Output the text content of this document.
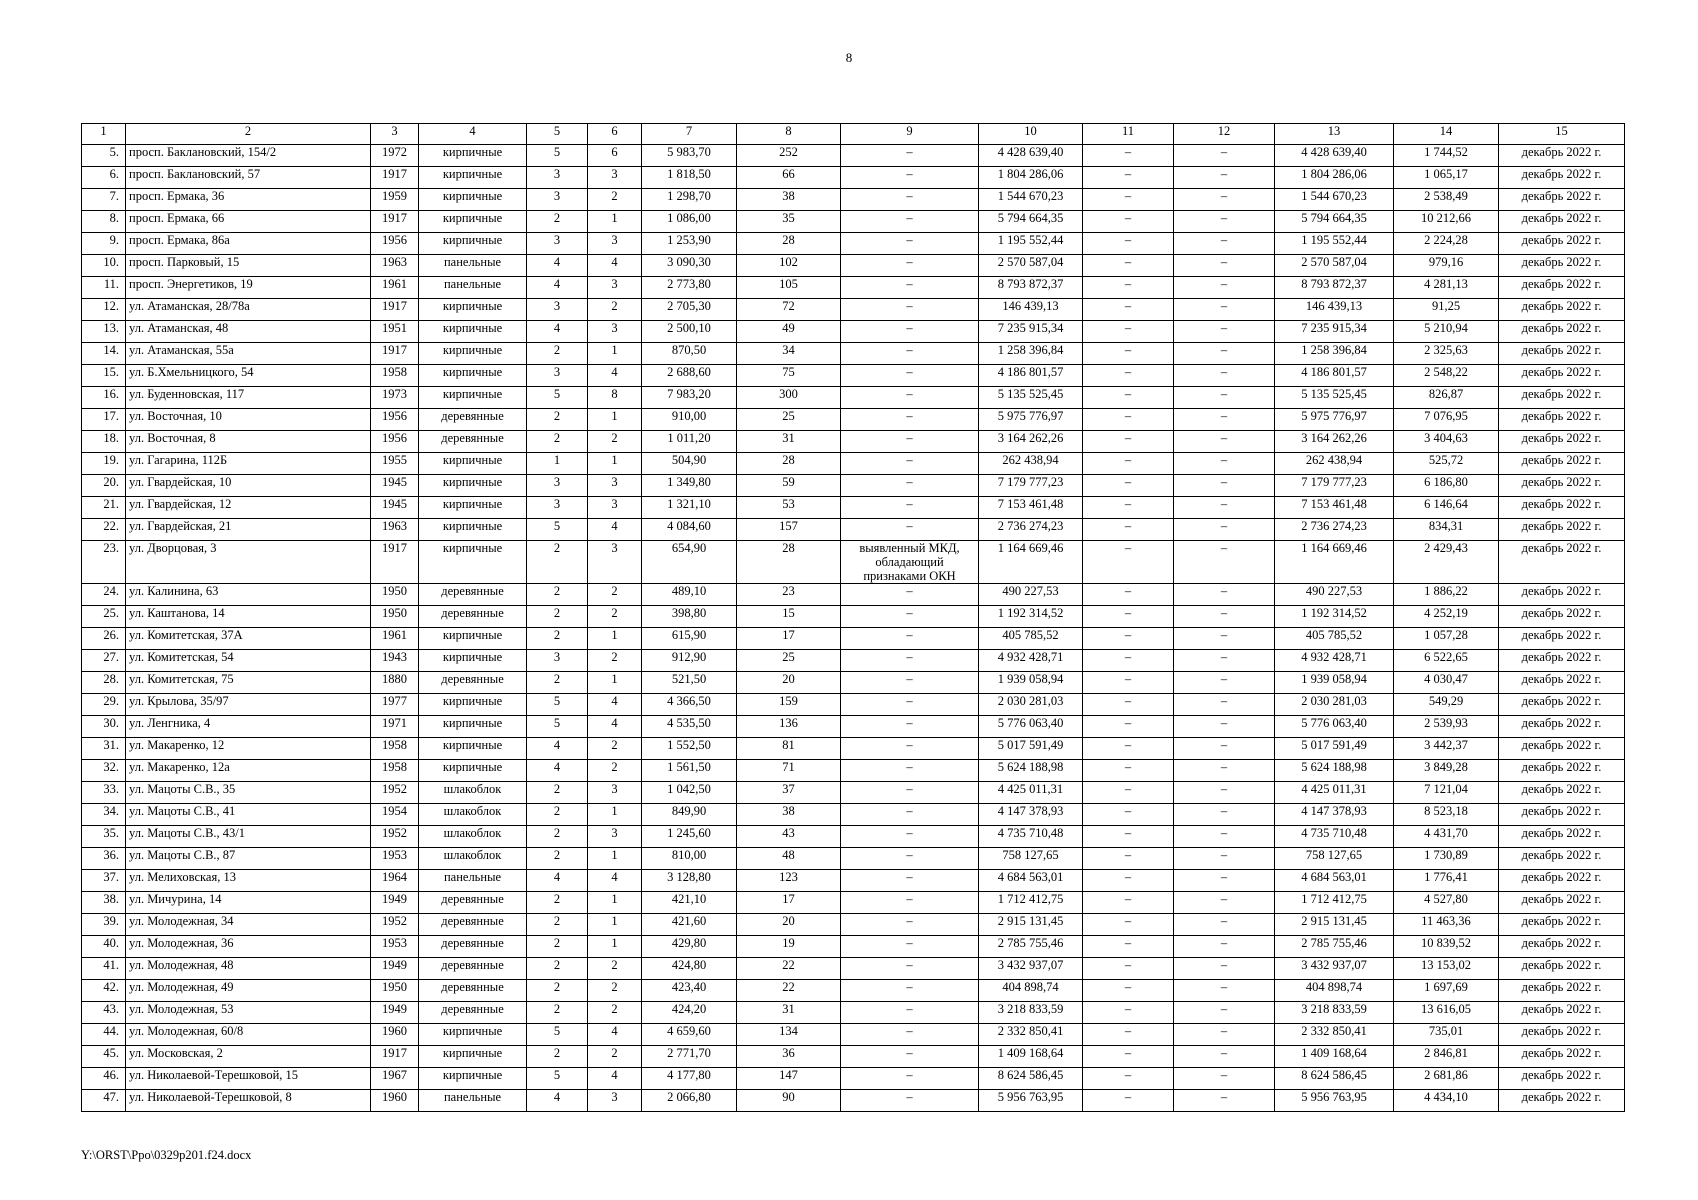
8
1	2	3	4	5	6	7	8	9	10	11	12	13	14	15
5.	просп. Баклановский, 154/2	1972	кирпичные	5	6	5 983,70	252	–	4 428 639,40	–	–	4 428 639,40	1 744,52	декабрь 2022 г.
6.	просп. Баклановский, 57	1917	кирпичные	3	3	1 818,50	66	–	1 804 286,06	–	–	1 804 286,06	1 065,17	декабрь 2022 г.
7.	просп. Ермака, 36	1959	кирпичные	3	2	1 298,70	38	–	1 544 670,23	–	–	1 544 670,23	2 538,49	декабрь 2022 г.
8.	просп. Ермака, 66	1917	кирпичные	2	1	1 086,00	35	–	5 794 664,35	–	–	5 794 664,35	10 212,66	декабрь 2022 г.
9.	просп. Ермака, 86а	1956	кирпичные	3	3	1 253,90	28	–	1 195 552,44	–	–	1 195 552,44	2 224,28	декабрь 2022 г.
10.	просп. Парковый, 15	1963	панельные	4	4	3 090,30	102	–	2 570 587,04	–	–	2 570 587,04	979,16	декабрь 2022 г.
11.	просп. Энергетиков, 19	1961	панельные	4	3	2 773,80	105	–	8 793 872,37	–	–	8 793 872,37	4 281,13	декабрь 2022 г.
12.	ул. Атаманская, 28/78а	1917	кирпичные	3	2	2 705,30	72	–	146 439,13	–	–	146 439,13	91,25	декабрь 2022 г.
13.	ул. Атаманская, 48	1951	кирпичные	4	3	2 500,10	49	–	7 235 915,34	–	–	7 235 915,34	5 210,94	декабрь 2022 г.
14.	ул. Атаманская, 55а	1917	кирпичные	2	1	870,50	34	–	1 258 396,84	–	–	1 258 396,84	2 325,63	декабрь 2022 г.
15.	ул. Б.Хмельницкого, 54	1958	кирпичные	3	4	2 688,60	75	–	4 186 801,57	–	–	4 186 801,57	2 548,22	декабрь 2022 г.
16.	ул. Буденновская, 117	1973	кирпичные	5	8	7 983,20	300	–	5 135 525,45	–	–	5 135 525,45	826,87	декабрь 2022 г.
17.	ул. Восточная, 10	1956	деревянные	2	1	910,00	25	–	5 975 776,97	–	–	5 975 776,97	7 076,95	декабрь 2022 г.
18.	ул. Восточная, 8	1956	деревянные	2	2	1 011,20	31	–	3 164 262,26	–	–	3 164 262,26	3 404,63	декабрь 2022 г.
19.	ул. Гагарина, 112Б	1955	кирпичные	1	1	504,90	28	–	262 438,94	–	–	262 438,94	525,72	декабрь 2022 г.
20.	ул. Гвардейская, 10	1945	кирпичные	3	3	1 349,80	59	–	7 179 777,23	–	–	7 179 777,23	6 186,80	декабрь 2022 г.
21.	ул. Гвардейская, 12	1945	кирпичные	3	3	1 321,10	53	–	7 153 461,48	–	–	7 153 461,48	6 146,64	декабрь 2022 г.
22.	ул. Гвардейская, 21	1963	кирпичные	5	4	4 084,60	157	–	2 736 274,23	–	–	2 736 274,23	834,31	декабрь 2022 г.
23.	ул. Дворцовая, 3	1917	кирпичные	2	3	654,90	28	выявленный МКД, обладающий признаками ОКН	1 164 669,46	–	–	1 164 669,46	2 429,43	декабрь 2022 г.
24.	ул. Калинина, 63	1950	деревянные	2	2	489,10	23	–	490 227,53	–	–	490 227,53	1 886,22	декабрь 2022 г.
25.	ул. Каштанова, 14	1950	деревянные	2	2	398,80	15	–	1 192 314,52	–	–	1 192 314,52	4 252,19	декабрь 2022 г.
26.	ул. Комитетская, 37А	1961	кирпичные	2	1	615,90	17	–	405 785,52	–	–	405 785,52	1 057,28	декабрь 2022 г.
27.	ул. Комитетская, 54	1943	кирпичные	3	2	912,90	25	–	4 932 428,71	–	–	4 932 428,71	6 522,65	декабрь 2022 г.
28.	ул. Комитетская, 75	1880	деревянные	2	1	521,50	20	–	1 939 058,94	–	–	1 939 058,94	4 030,47	декабрь 2022 г.
29.	ул. Крылова, 35/97	1977	кирпичные	5	4	4 366,50	159	–	2 030 281,03	–	–	2 030 281,03	549,29	декабрь 2022 г.
30.	ул. Ленгника, 4	1971	кирпичные	5	4	4 535,50	136	–	5 776 063,40	–	–	5 776 063,40	2 539,93	декабрь 2022 г.
31.	ул. Макаренко, 12	1958	кирпичные	4	2	1 552,50	81	–	5 017 591,49	–	–	5 017 591,49	3 442,37	декабрь 2022 г.
32.	ул. Макаренко, 12а	1958	кирпичные	4	2	1 561,50	71	–	5 624 188,98	–	–	5 624 188,98	3 849,28	декабрь 2022 г.
33.	ул. Мацоты С.В., 35	1952	шлакоблок	2	3	1 042,50	37	–	4 425 011,31	–	–	4 425 011,31	7 121,04	декабрь 2022 г.
34.	ул. Мацоты С.В., 41	1954	шлакоблок	2	1	849,90	38	–	4 147 378,93	–	–	4 147 378,93	8 523,18	декабрь 2022 г.
35.	ул. Мацоты С.В., 43/1	1952	шлакоблок	2	3	1 245,60	43	–	4 735 710,48	–	–	4 735 710,48	4 431,70	декабрь 2022 г.
36.	ул. Мацоты С.В., 87	1953	шлакоблок	2	1	810,00	48	–	758 127,65	–	–	758 127,65	1 730,89	декабрь 2022 г.
37.	ул. Мелиховская, 13	1964	панельные	4	4	3 128,80	123	–	4 684 563,01	–	–	4 684 563,01	1 776,41	декабрь 2022 г.
38.	ул. Мичурина, 14	1949	деревянные	2	1	421,10	17	–	1 712 412,75	–	–	1 712 412,75	4 527,80	декабрь 2022 г.
39.	ул. Молодежная, 34	1952	деревянные	2	1	421,60	20	–	2 915 131,45	–	–	2 915 131,45	11 463,36	декабрь 2022 г.
40.	ул. Молодежная, 36	1953	деревянные	2	1	429,80	19	–	2 785 755,46	–	–	2 785 755,46	10 839,52	декабрь 2022 г.
41.	ул. Молодежная, 48	1949	деревянные	2	2	424,80	22	–	3 432 937,07	–	–	3 432 937,07	13 153,02	декабрь 2022 г.
42.	ул. Молодежная, 49	1950	деревянные	2	2	423,40	22	–	404 898,74	–	–	404 898,74	1 697,69	декабрь 2022 г.
43.	ул. Молодежная, 53	1949	деревянные	2	2	424,20	31	–	3 218 833,59	–	–	3 218 833,59	13 616,05	декабрь 2022 г.
44.	ул. Молодежная, 60/8	1960	кирпичные	5	4	4 659,60	134	–	2 332 850,41	–	–	2 332 850,41	735,01	декабрь 2022 г.
45.	ул. Московская, 2	1917	кирпичные	2	2	2 771,70	36	–	1 409 168,64	–	–	1 409 168,64	2 846,81	декабрь 2022 г.
46.	ул. Николаевой-Терешковой, 15	1967	кирпичные	5	4	4 177,80	147	–	8 624 586,45	–	–	8 624 586,45	2 681,86	декабрь 2022 г.
47.	ул. Николаевой-Терешковой, 8	1960	панельные	4	3	2 066,80	90	–	5 956 763,95	–	–	5 956 763,95	4 434,10	декабрь 2022 г.
Y:\ORST\Ppo\0329p201.f24.docx
